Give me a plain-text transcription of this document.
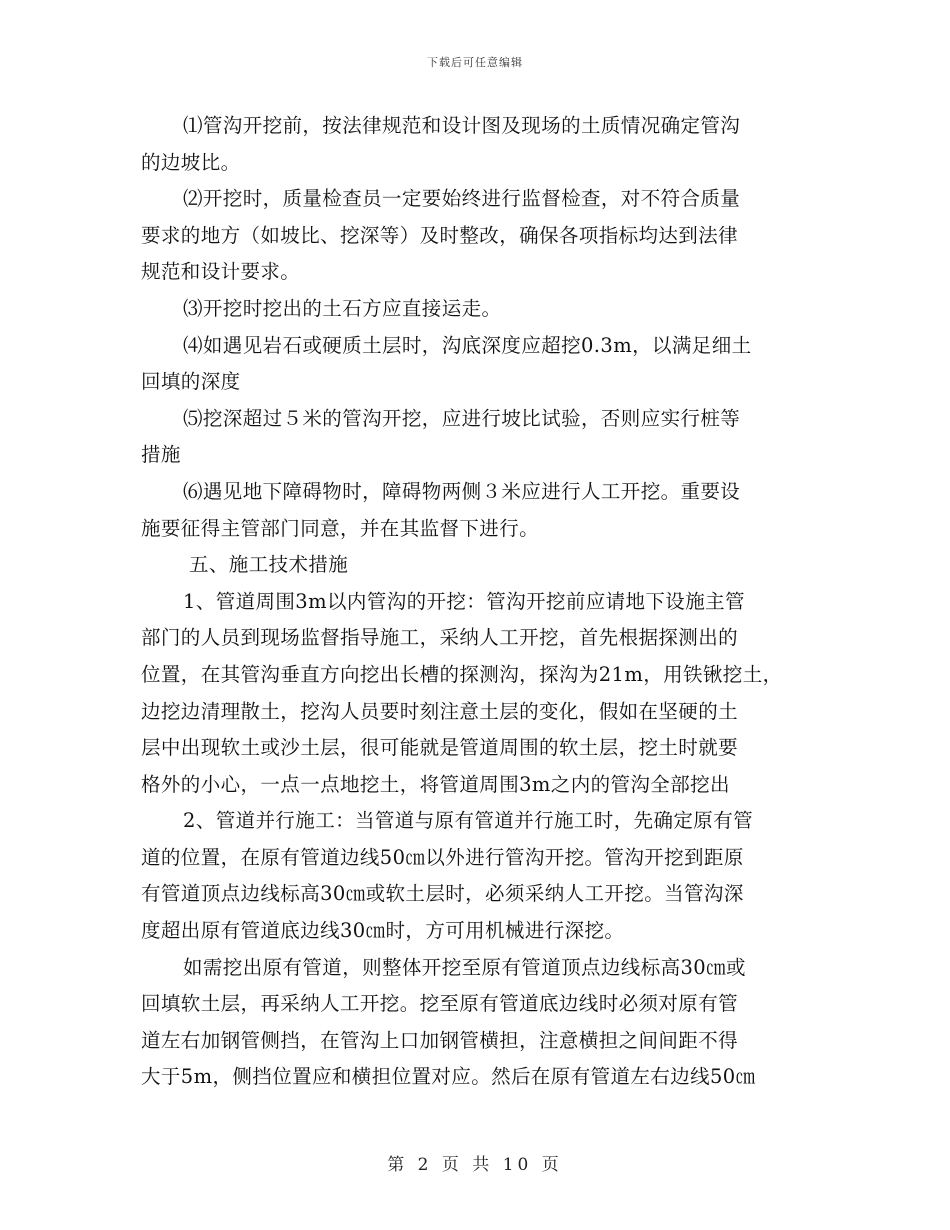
下载后可任意编辑
⑴管沟开挖前，按法律规范和设计图及现场的土质情况确定管沟
的边坡比。
⑵开挖时，质量检查员一定要始终进行监督检查，对不符合质量
要求的地方（如坡比、挖深等）及时整改，确保各项指标均达到法律
规范和设计要求。
⑶开挖时挖出的土石方应直接运走。
⑷如遇见岩石或硬质土层时，沟底深度应超挖0.3m，以满足细土
回填的深度
⑸挖深超过５米的管沟开挖，应进行坡比试验，否则应实行桩等
措施
⑹遇见地下障碍物时，障碍物两侧３米应进行人工开挖。重要设
施要征得主管部门同意，并在其监督下进行。
五、施工技术措施
1、管道周围3m以内管沟的开挖：管沟开挖前应请地下设施主管
部门的人员到现场监督指导施工，采纳人工开挖，首先根据探测出的
位置，在其管沟垂直方向挖出长槽的探测沟，探沟为21m，用铁锹挖土，
边挖边清理散土，挖沟人员要时刻注意土层的变化，假如在坚硬的土
层中出现软土或沙土层，很可能就是管道周围的软土层，挖土时就要
格外的小心，一点一点地挖土，将管道周围3m之内的管沟全部挖出
2、管道并行施工：当管道与原有管道并行施工时，先确定原有管
道的位置，在原有管道边线50㎝以外进行管沟开挖。管沟开挖到距原
有管道顶点边线标高30㎝或软土层时，必须采纳人工开挖。当管沟深
度超出原有管道底边线30㎝时，方可用机械进行深挖。
如需挖出原有管道，则整体开挖至原有管道顶点边线标高30㎝或
回填软土层，再采纳人工开挖。挖至原有管道底边线时必须对原有管
道左右加钢管侧挡，在管沟上口加钢管横担，注意横担之间间距不得
大于5m，侧挡位置应和横担位置对应。然后在原有管道左右边线50㎝
第 2 页 共 10 页
